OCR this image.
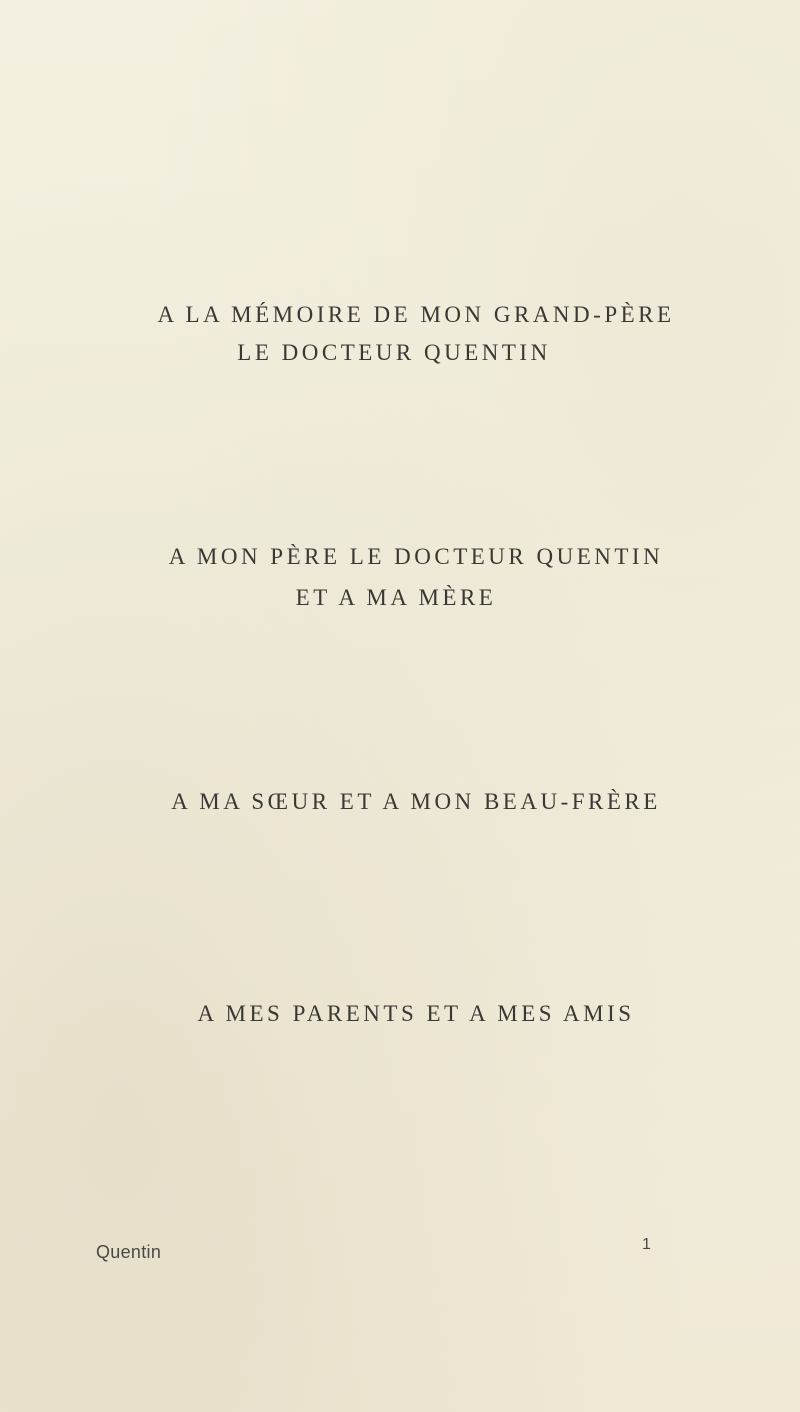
A LA MÉMOIRE DE MON GRAND-PÈRE
LE DOCTEUR QUENTIN
A MON PÈRE LE DOCTEUR QUENTIN
ET A MA MÈRE
A MA SŒUR ET A MON BEAU-FRÈRE
A MES PARENTS ET A MES AMIS
Quentin	1
